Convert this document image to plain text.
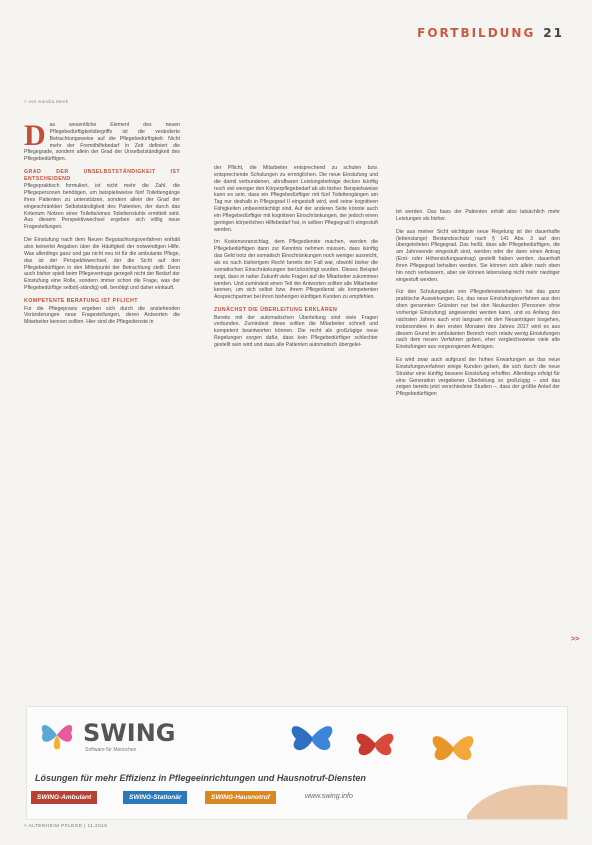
FORTBILDUNG 21
> von Sandra Menk

Das wesentliche Element des neuen Pflegebedürftigkeitsbegriffs ist die veränderte Betrachtungsweise auf die Pflegebedürftigkeit. Nicht mehr der Fremdhilfebedarf in Zeit definiert die Pflegegrade, sondern allein der Grad der Unselbstständigkeit des Pflegebedürftigen.

GRAD DER UNSELBSTSTÄNDIGKEIT IST ENTSCHEIDEND

Pflegepraktisch formuliert, ist nicht mehr die Zahl, die Pflegepersonen benötigen, um beispielsweise fünf Toilettengänge ihres Patienten zu unterstützen, sondern allein der Grad der eingeschränkten Selbstständigkeit des Patienten, der durch das Kriterium Notzen einer Toilette/eines Toilettenstuhls ermittelt wird. Aus diesem Perspektivwechsel ergeben sich völlig neue Fragestellungen.

Die Einstufung nach dem Neuen Begutachtungsverfahren enthält also keinerlei Angaben über die Häufigkeit der notwendigen Hilfe. Was allerdings ganz und gar nicht neu ist für die ambulante Pflege, das ist der Perspektivwechsel, der die Sicht auf den Pflegebedürftigen in den Mittelpunkt der Betrachtung stellt. Denn auch bisher spielt beim Pflegevertrage geregelt nicht der Bedarf der Einstufung eine Rolle, sondern immer schon die Frage, was der Pflegebedürftige selbst(-ständig) will, benötigt und daher einkauft.

KOMPETENTE BERATUNG IST PFLICHT

Für die Pflegepraxis ergeben sich durch die anstehenden Veränderungen neue Fragestellungen, deren Antworten die Mitarbeiter kennen sollten. Hier sind die Pflegedienste in

der Pflicht, die Mitarbeiter entsprechend zu schulen bzw. entsprechende Schulungen zu ermöglichen. Die neue Einstufung und die damit verbundenen, abrufbaren Leistungsbeträge decken künftig noch viel weniger den Körperpflegebedarf ab als bisher. Beispielsweise kann es sein, dass ein Pflegebedürftiger mit fünf Toilettengängen am Tag nur deshalb in Pflegegrad II eingestuft wird, weil seine kognitiven Fähigkeiten unbeeinträchtigt sind. Auf der anderen Seite könnte auch ein Pflegebedürftiger mit kognitiven Einschränkungen, der jedoch einen geringen körperlichen Hilfebedarf hat, in selben Pflegegrad II eingestuft werden.

Im Kostenvoranschlag, dem Pflegedienste machen, werden die Pflegebedürftigen dann zur Kenntnis nehmen müssen, dass künftig das Geld trotz der somatisch Einschränkungen noch weniger ausreicht, als es nach bisherigem Recht bereits der Fall war, obwohl bisher die somatischen Einschränkungen berücksichtigt wurden. Dieses Beispiel zeigt, dass in naher Zukunft viele Fragen auf die Mitarbeiter zukommen werden. Und zumindest einen Teil der Antworten sollten alle Mitarbeiter kennen, um sich selbst bzw. ihrem Pflegedienst als kompetenten Ansprechpartner bei ihren bisherigen künftigen Kunden zu empfehlen.

ZUNÄCHST DIE ÜBERLEITUNG ERKLÄREN

Bereits mit der automatischen Überleitung sind viele Fragen verbunden. Zumindest diese sollten die Mitarbeiter schnell und kompetent beantworten können. Die recht als großzügige neue Regelungen sorgen dafür, dass kein Pflegebedürftiger schlechter gestellt sein wird und dass alle Patienten automatisch übergelei-

tet werden. Das bass der Patienten erhält also tatsächlich mehr Leistungen als bisher.

Die aus meiner Sicht wichtigste neue Regelung ist der dauerhafte (lebenslange) Bestandsschutz nach § 141 Abs. 3 auf den übergeleiteten Pflegegrad. Das heißt, dass alle Pflegebedürftigen, die am Jahresende eingestuft sind, werden oder die dann einen Antrag (Erst- oder Höherstufungsantrag) gestellt haben werden, dauerhaft ihren Pflegegrad behalten werden. Sie können sich allein nach oben hin noch verbessern, aber sie können lebenslang nicht mehr niedriger eingestuft werden.

Für den Schulungsplan von Pflegediensteinhabern hat das ganz praktische Auswirkungen. Es, das neue Einstufungsverfahren aus den oben genannten Gründen nur bei den Neukunden (Personen ohne vorherige Einstufung) angewendet werden kann, und es Anfang des nächsten Jahres auch erst langsam mit den Neuanträgen losgehen, insbesondere in den ersten Monaten des Jahres 2017 wird es aus diesem Grund im ambulanten Bereich noch relativ wenig Einstufungen nach dem neuen Verfahren geben, eher vergleichsweise viele alte Einstufungen aus vorgezogenen Anträgen.

Es wird zwar auch aufgrund der hohen Erwartungen an das neue Einstufungsverfahren einige Kunden geben, die sich durch die neue Struktur eine künftig bessere Einstufung erhoffen. Allerdings erfolgt für eine Generation vergebener Überleitung so großzügig – und das zeigen bereits jetzt verschiedene Studien –, dass der größte Anteil der Pflegebedürftigen

>>
SWING
Software für Menschen
Lösungen für mehr Effizienz in Pflegeeinrichtungen und Hausnotruf-Diensten
SWING-Ambulant	SWING-Stationär	SWING-Hausnotruf	www.swing.info
> ALTENHEIM PFLEGE | 11.2016
